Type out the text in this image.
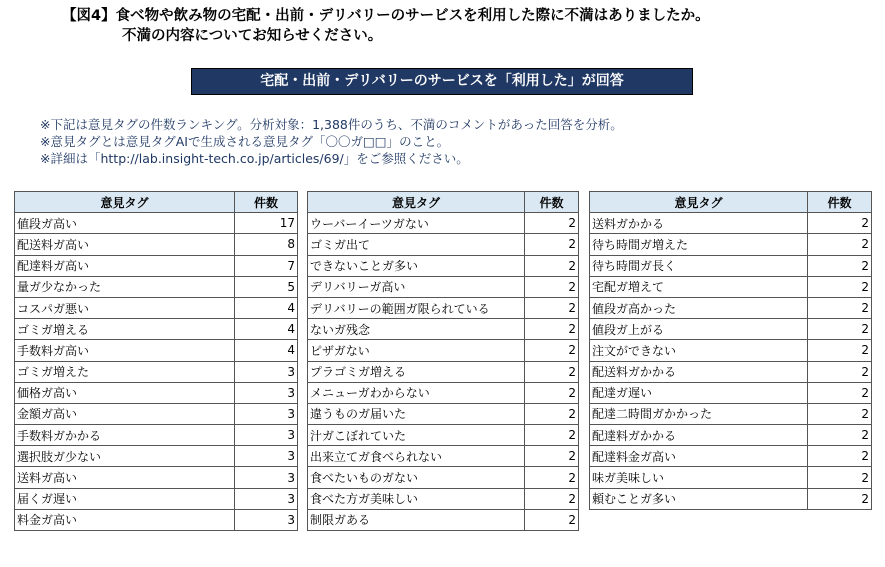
【図4】食べ物や飲み物の宅配・出前・デリバリーのサービスを利用した際に不満はありましたか。
不満の内容についてお知らせください。
宅配・出前・デリバリーのサービスを「利用した」が回答
※下記は意見タグの件数ランキング。分析対象：1,388件のうち、不満のコメントがあった回答を分析。
※意見タグとは意見タグAIで生成される意見タグ「〇〇ガ□□」のこと。
※詳細は「http://lab.insight-tech.co.jp/articles/69/」をご参照ください。
意見タグ	件数
値段ガ高い	17
配送料ガ高い	8
配達料ガ高い	7
量ガ少なかった	5
コスパガ悪い	4
ゴミガ増える	4
手数料ガ高い	4
ゴミガ増えた	3
価格ガ高い	3
金額ガ高い	3
手数料ガかかる	3
選択肢ガ少ない	3
送料ガ高い	3
届くガ遅い	3
料金ガ高い	3
意見タグ	件数
ウーバーイーツガない	2
ゴミガ出て	2
できないことガ多い	2
デリバリーガ高い	2
デリバリーの範囲ガ限られている	2
ないガ残念	2
ピザガない	2
プラゴミガ増える	2
メニューガわからない	2
違うものガ届いた	2
汁ガこぼれていた	2
出来立てガ食べられない	2
食べたいものガない	2
食べた方ガ美味しい	2
制限ガある	2
意見タグ	件数
送料ガかかる	2
待ち時間ガ増えた	2
待ち時間ガ長く	2
宅配ガ増えて	2
値段ガ高かった	2
値段ガ上がる	2
注文ができない	2
配送料ガかかる	2
配達ガ遅い	2
配達二時間ガかかった	2
配達料ガかかる	2
配達料金ガ高い	2
味ガ美味しい	2
頼むことガ多い	2
